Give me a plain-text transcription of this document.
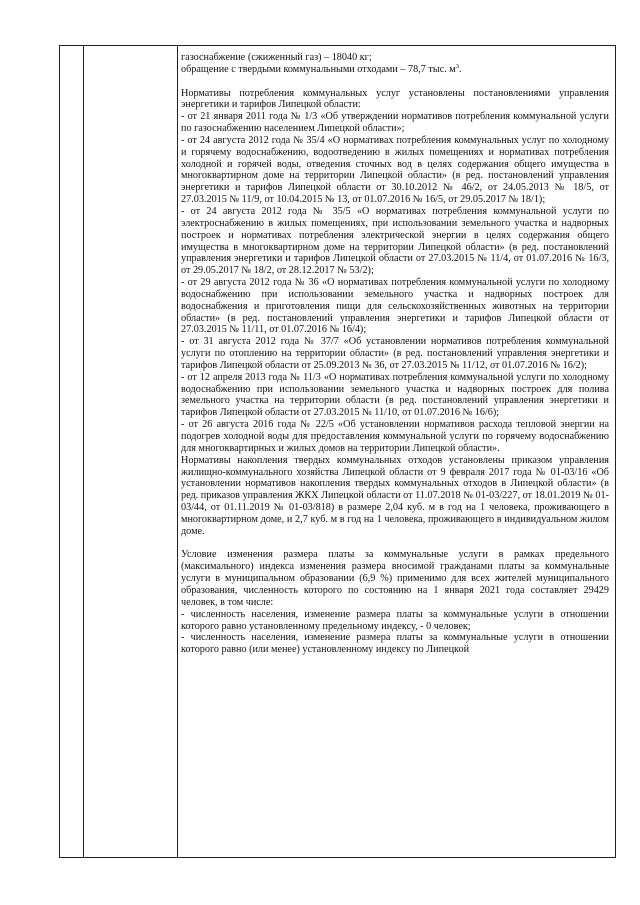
газоснабжение (сжиженный газ) – 18040 кг;

обращение с твердыми коммунальными отходами – 78,7 тыс. $м^3$.

Нормативы потребления коммунальных услуг установлены постановлениями управления энергетики и тарифов Липецкой области:

- от 21 января 2011 года № 1/3 «Об утверждении нормативов потребления коммунальной услуги по газоснабжению населением Липецкой области»;

- от 24 августа 2012 года № 35/4 «О нормативах потребления коммунальных услуг по холодному и горячему водоснабжению, водоотведению в жилых помещениях и нормативах потребления холодной и горячей воды, отведения сточных вод в целях содержания общего имущества в многоквартирном доме на территории Липецкой области» (в ред. постановлений управления энергетики и тарифов Липецкой области от 30.10.2012 № 46/2, от 24.05.2013 № 18/5, от 27.03.2015 № 11/9, от 10.04.2015 № 13, от 01.07.2016 № 16/5, от 29.05.2017 № 18/1);

- от 24 августа 2012 года № 35/5 «О нормативах потребления коммунальной услуги по электроснабжению в жилых помещениях, при использовании земельного участка и надворных построек и нормативах потребления электрической энергии в целях содержания общего имущества в многоквартирном доме на территории Липецкой области» (в ред. постановлений управления энергетики и тарифов Липецкой области от 27.03.2015 № 11/4, от 01.07.2016 № 16/3, от 29.05.2017 № 18/2, от 28.12.2017 № 53/2);

- от 29 августа 2012 года № 36 «О нормативах потребления коммунальной услуги по холодному водоснабжению при использовании земельного участка и надворных построек для водоснабжения и приготовления пищи для сельскохозяйственных животных на территории области» (в ред. постановлений управления энергетики и тарифов Липецкой области от 27.03.2015 № 11/11, от 01.07.2016 № 16/4);

- от 31 августа 2012 года № 37/7 «Об установлении нормативов потребления коммунальной услуги по отоплению на территории области» (в ред. постановлений управления энергетики и тарифов Липецкой области от 25.09.2013 № 36, от 27.03.2015 № 11/12, от 01.07.2016 № 16/2);

- от 12 апреля 2013 года № 11/3 «О нормативах потребления коммунальной услуги по холодному водоснабжению при использовании земельного участка и надворных построек для полива земельного участка на территории области (в ред. постановлений управления энергетики и тарифов Липецкой области от 27.03.2015 № 11/10, от 01.07.2016 № 16/6);

- от 26 августа 2016 года № 22/5 «Об установлении нормативов расхода тепловой энергии на подогрев холодной воды для предоставления коммунальной услуги по горячему водоснабжению для многоквартирных и жилых домов на территории Липецкой области».

Нормативы накопления твердых коммунальных отходов установлены приказом управления жилищно-коммунального хозяйства Липецкой области от 9 февраля 2017 года № 01-03/16 «Об установлении нормативов накопления твердых коммунальных отходов в Липецкой области» (в ред. приказов управления ЖКХ Липецкой области от 11.07.2018 № 01-03/227, от 18.01.2019 № 01-03/44, от 01.11.2019 № 01-03/818) в размере 2,04 куб. м в год на 1 человека, проживающего в многоквартирном доме, и 2,7 куб. м в год на 1 человека, проживающего в индивидуальном жилом доме.

Условие изменения размера платы за коммунальные услуги в рамках предельного (максимального) индекса изменения размера вносимой гражданами платы за коммунальные услуги в муниципальном образовании (6,9 %) применимо для всех жителей муниципального образования, численность которого по состоянию на 1 января 2021 года составляет 29429 человек, в том числе:

- численность населения, изменение размера платы за коммунальные услуги в отношении которого равно установленному предельному индексу, - 0 человек;

- численность населения, изменение размера платы за коммунальные услуги в отношении которого равно (или менее) установленному индексу по Липецкой
